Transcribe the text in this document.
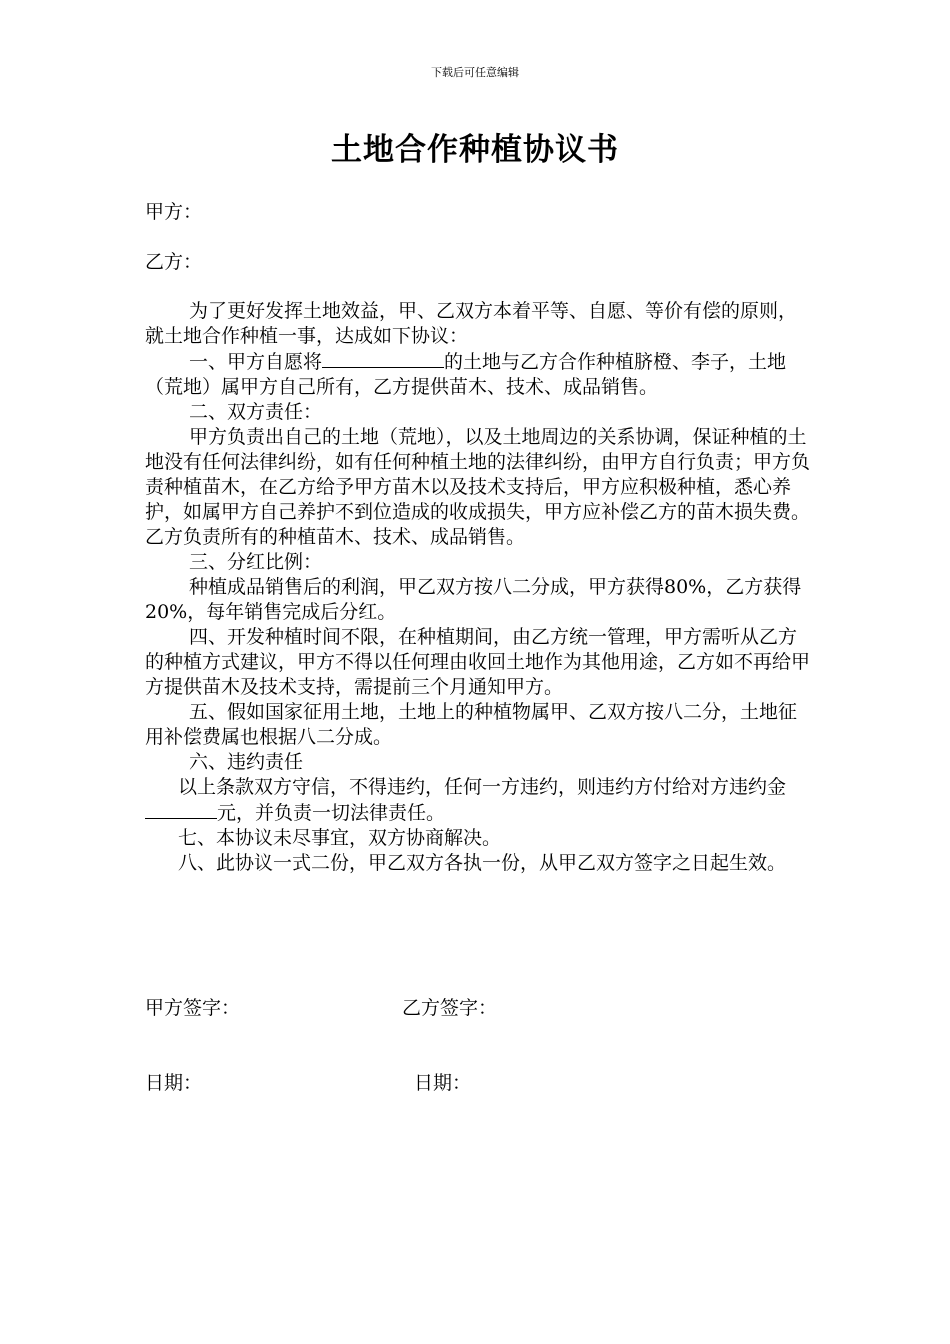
下载后可任意编辑
土地合作种植协议书
甲方：
乙方：

为了更好发挥土地效益，甲、乙双方本着平等、自愿、等价有偿的原则，就土地合作种植一事，达成如下协议：

一、甲方自愿将	的土地与乙方合作种植脐橙、李子，土地（荒地）属甲方自己所有，乙方提供苗木、技术、成品销售。

二、双方责任：

甲方负责出自己的土地（荒地），以及土地周边的关系协调，保证种植的土地没有任何法律纠纷，如有任何种植土地的法律纠纷，由甲方自行负责；甲方负责种植苗木，在乙方给予甲方苗木以及技术支持后，甲方应积极种植，悉心养护，如属甲方自己养护不到位造成的收成损失，甲方应补偿乙方的苗木损失费。乙方负责所有的种植苗木、技术、成品销售。

三、分红比例：

种植成品销售后的利润，甲乙双方按八二分成，甲方获得80%，乙方获得20%，每年销售完成后分红。

四、开发种植时间不限，在种植期间，由乙方统一管理，甲方需听从乙方的种植方式建议，甲方不得以任何理由收回土地作为其他用途，乙方如不再给甲方提供苗木及技术支持，需提前三个月通知甲方。

五、假如国家征用土地，土地上的种植物属甲、乙双方按八二分，土地征用补偿费属也根据八二分成。

六、违约责任

以上条款双方守信，不得违约，任何一方违约，则违约方付给对方违约金元，并负责一切法律责任。

七、本协议未尽事宜，双方协商解决。

八、此协议一式二份，甲乙双方各执一份，从甲乙双方签字之日起生效。

甲方签字：	乙方签字：
日期：	日期：
